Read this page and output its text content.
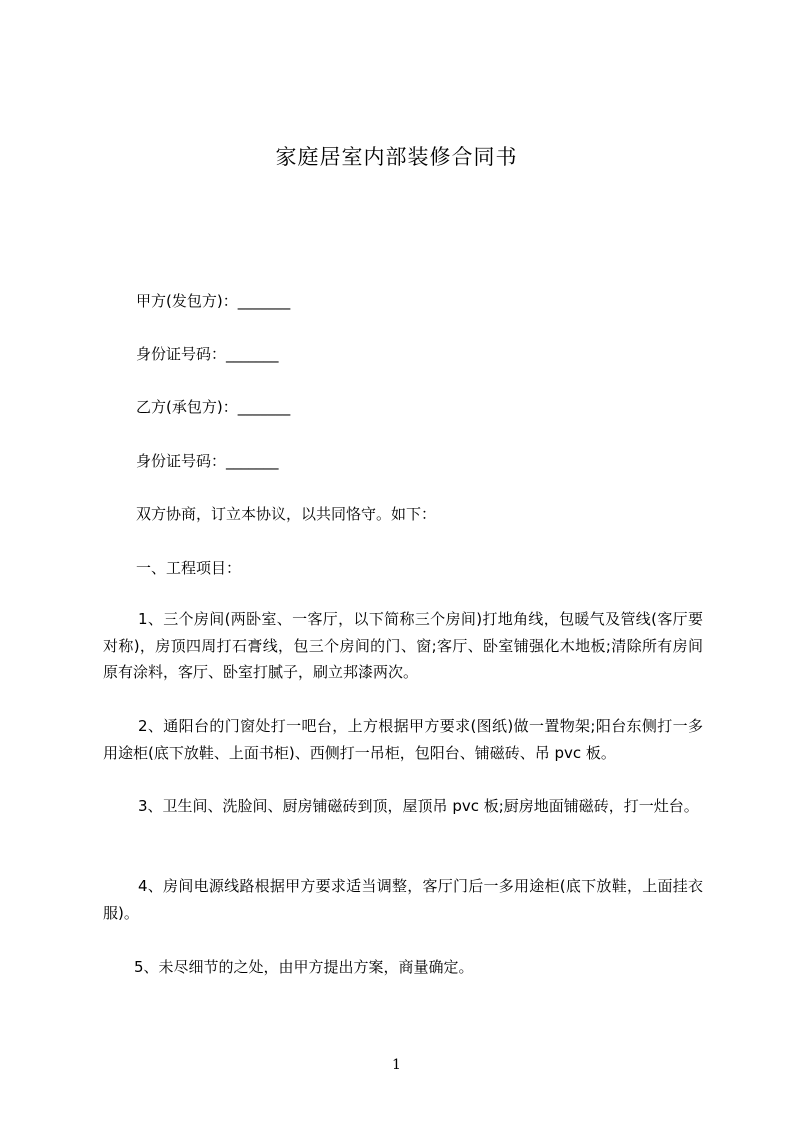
家庭居室内部装修合同书
甲方(发包方)：_______
身份证号码：_______
乙方(承包方)：_______
身份证号码：_______
双方协商，订立本协议，以共同恪守。如下：
一、工程项目：
1、三个房间(两卧室、一客厅，以下简称三个房间)打地角线，包暖气及管线(客厅要对称)，房顶四周打石膏线，包三个房间的门、窗;客厅、卧室铺强化木地板;清除所有房间原有涂料，客厅、卧室打腻子，刷立邦漆两次。
2、通阳台的门窗处打一吧台，上方根据甲方要求(图纸)做一置物架;阳台东侧打一多用途柜(底下放鞋、上面书柜)、西侧打一吊柜，包阳台、铺磁砖、吊 pvc 板。
3、卫生间、洗脸间、厨房铺磁砖到顶，屋顶吊 pvc 板;厨房地面铺磁砖，打一灶台。
4、房间电源线路根据甲方要求适当调整，客厅门后一多用途柜(底下放鞋，上面挂衣服)。
5、未尽细节的之处，由甲方提出方案，商量确定。
1
